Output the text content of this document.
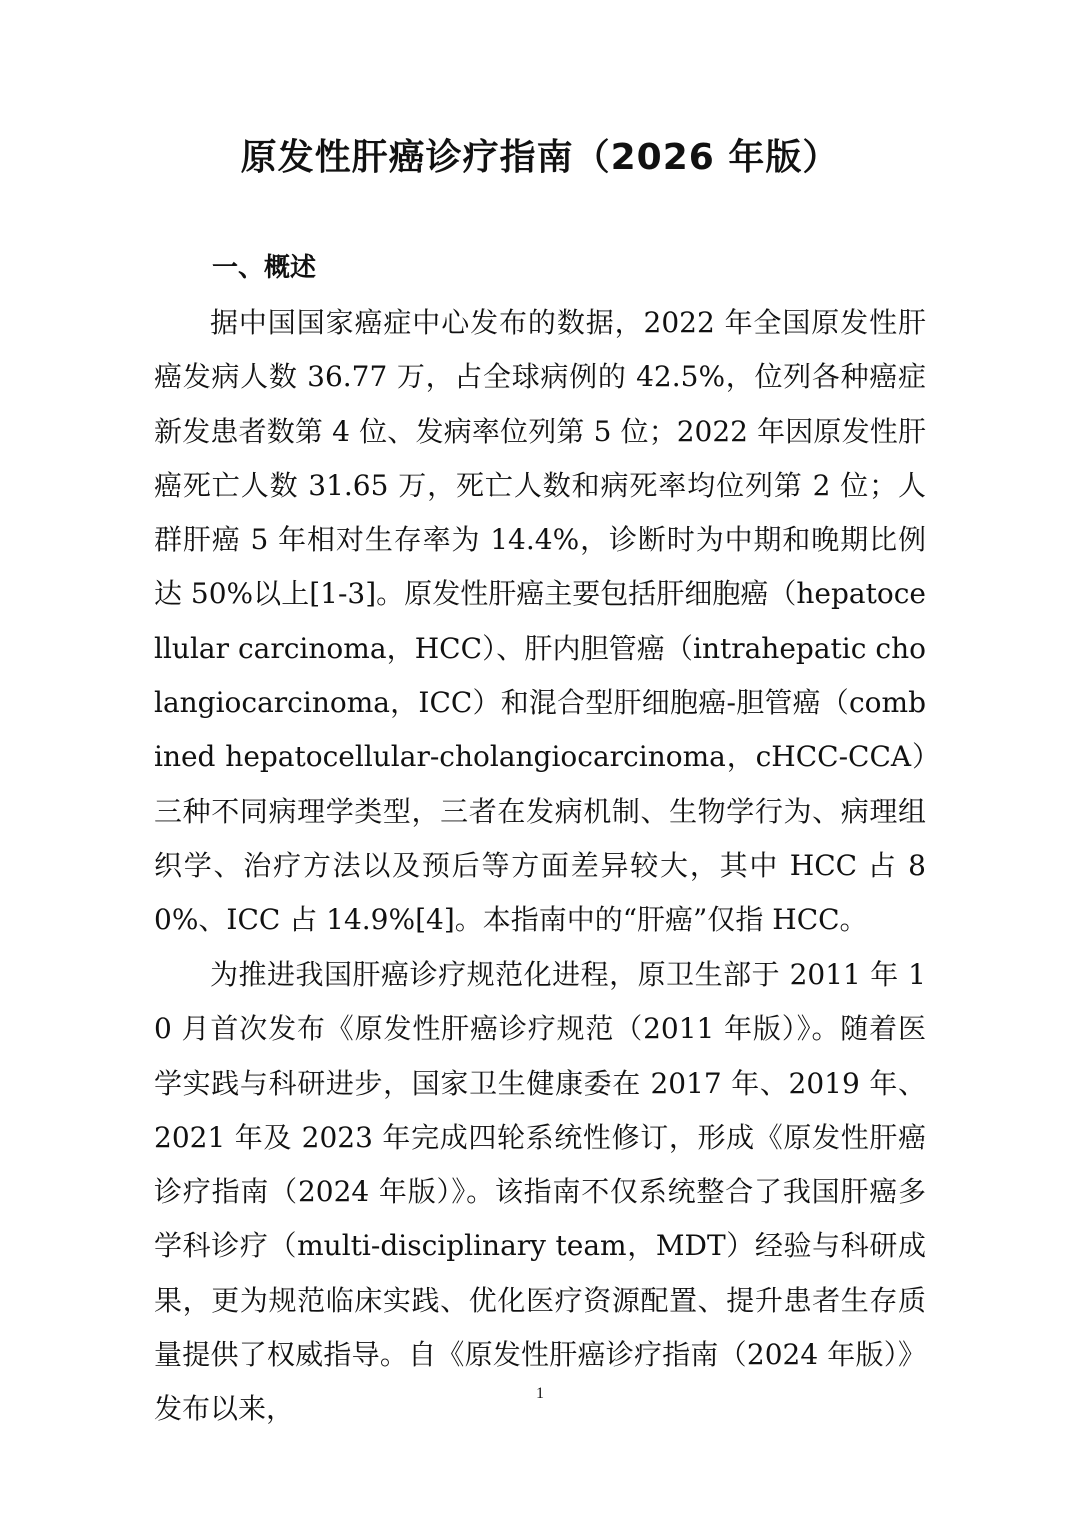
原发性肝癌诊疗指南（2026 年版）
一、概述

据中国国家癌症中心发布的数据，2022 年全国原发性肝癌发病人数 36.77 万，占全球病例的 42.5%，位列各种癌症新发患者数第 4 位、发病率位列第 5 位；2022 年因原发性肝癌死亡人数 31.65 万，死亡人数和病死率均位列第 2 位；人群肝癌 5 年相对生存率为 14.4%，诊断时为中期和晚期比例达 50%以上[1-3]。原发性肝癌主要包括肝细胞癌（hepatocellular carcinoma，HCC）、肝内胆管癌（intrahepatic cholangiocarcinoma，ICC）和混合型肝细胞癌-胆管癌（combined hepatocellular-cholangiocarcinoma，cHCC-CCA）三种不同病理学类型，三者在发病机制、生物学行为、病理组织学、治疗方法以及预后等方面差异较大，其中 HCC 占 80%、ICC 占 14.9%[4]。本指南中的“肝癌”仅指 HCC。

为推进我国肝癌诊疗规范化进程，原卫生部于 2011 年 10 月首次发布《原发性肝癌诊疗规范（2011 年版）》。随着医学实践与科研进步，国家卫生健康委在 2017 年、2019 年、2021 年及 2023 年完成四轮系统性修订，形成《原发性肝癌诊疗指南（2024 年版）》。该指南不仅系统整合了我国肝癌多学科诊疗（multi-disciplinary team，MDT）经验与科研成果，更为规范临床实践、优化医疗资源配置、提升患者生存质量提供了权威指导。自《原发性肝癌诊疗指南（2024 年版）》发布以来，	1
